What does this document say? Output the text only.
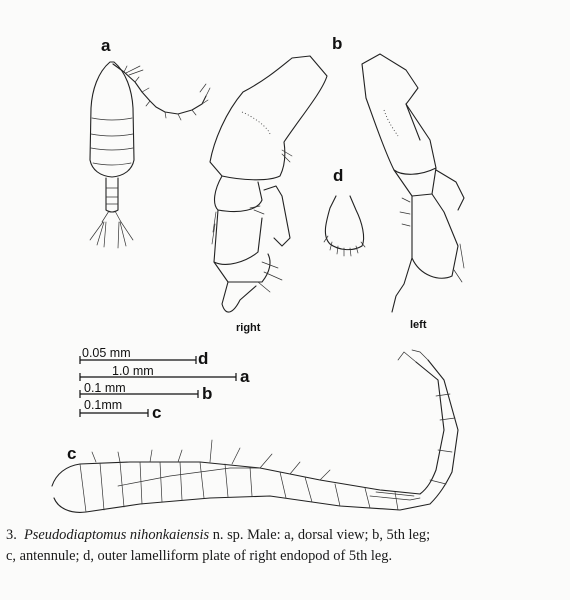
a	b
right	left
d
c
0.05 mm	d
1.0 mm	a
0.1 mm	b
0.1mm c
3. Pseudodiaptomus nihonkaiensis n. sp. Male: a, dorsal view; b, 5th leg;
c, antennule; d, outer lamelliform plate of right endopod of 5th leg.
